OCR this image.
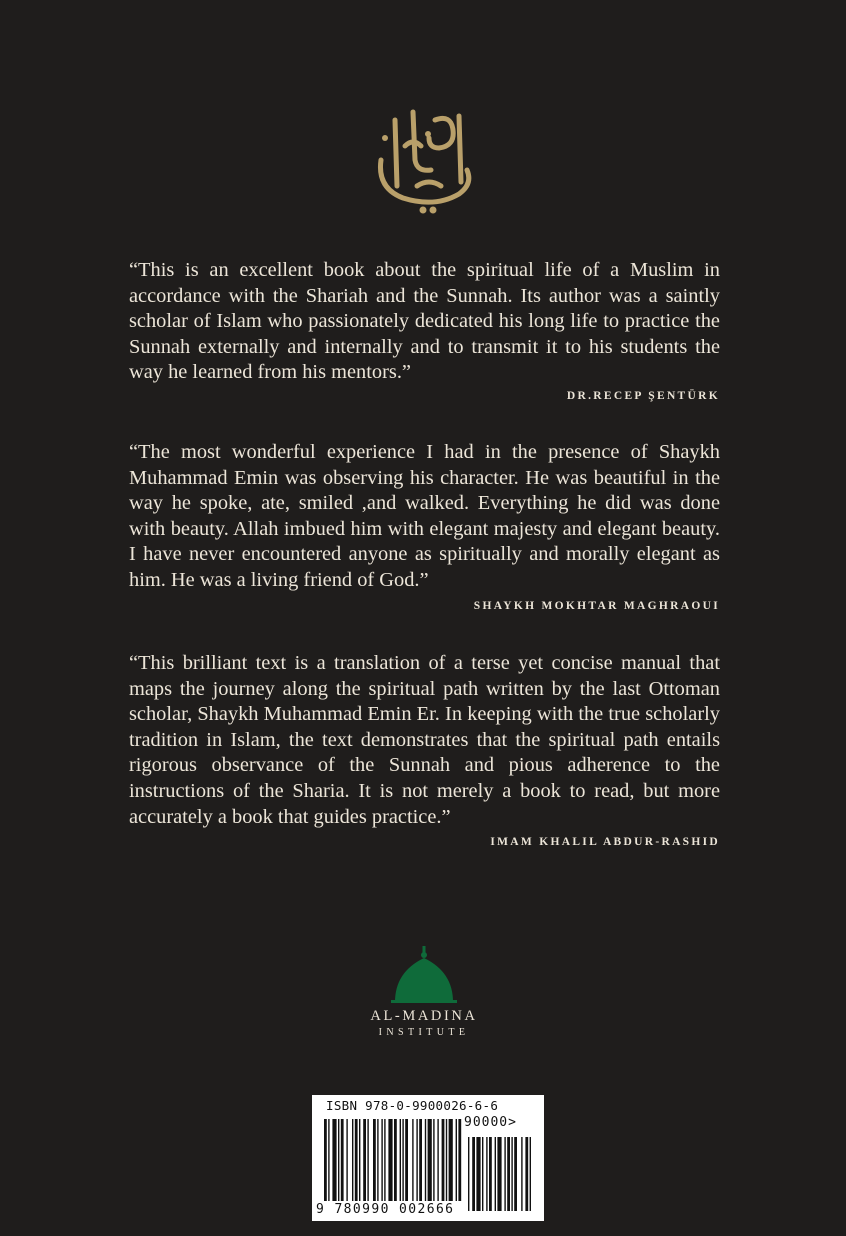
“This is an excellent book about the spiritual life of a Muslim in accordance with the Shariah and the Sunnah. Its author was a saintly scholar of Islam who passionately dedicated his long life to practice the Sunnah externally and internally and to transmit it to his students the way he learned from his mentors.”

DR.RECEP ŞENTÜRK

“The most wonderful experience I had in the presence of Shaykh Muhammad Emin was observing his character. He was beautiful in the way he spoke, ate, smiled ,and walked. Everything he did was done with beauty. Allah imbued him with elegant majesty and elegant beauty. I have never encountered anyone as spiritually and morally elegant as him. He was a living friend of God.”

SHAYKH MOKHTAR MAGHRAOUI

“This brilliant text is a translation of a terse yet concise manual that maps the journey along the spiritual path written by the last Ottoman scholar, Shaykh Muhammad Emin Er. In keeping with the true scholarly tradition in Islam, the text demonstrates that the spiritual path entails rigorous observance of the Sunnah and pious adherence to the instructions of the Sharia. It is not merely a book to read, but more accurately a book that guides practice.”

IMAM KHALIL ABDUR-RASHID

AL-MADINA
INSTITUTE
ISBN 978-0-9900026-6-6
90000>
9 780990 002666
